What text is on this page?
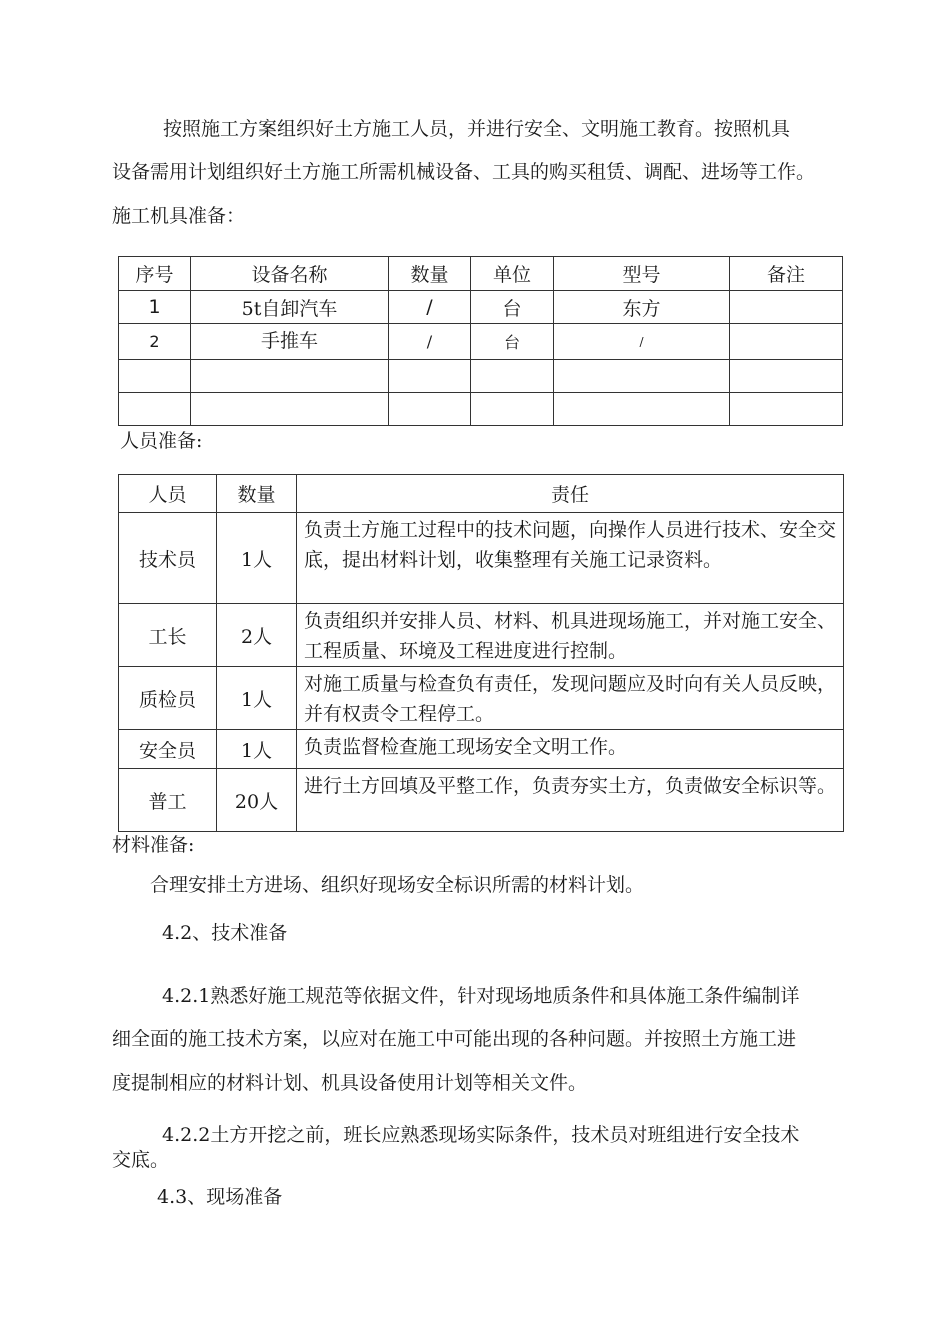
按照施工方案组织好土方施工人员，并进行安全、文明施工教育。按照机具
设备需用计划组织好土方施工所需机械设备、工具的购买租赁、调配、进场等工作。
施工机具准备：
序号	设备名称	数量	单位	型号	备注
1	5t自卸汽车	/	台	东方	
2	手推车	/	台	/	

人员准备:
人员	数量	责任
技术员	1人	负责土方施工过程中的技术问题，向操作人员进行技术、安全交底，提出材料计划，收集整理有关施工记录资料。
工长	2人	负责组织并安排人员、材料、机具进现场施工，并对施工安全、工程质量、环境及工程进度进行控制。
质检员	1人	对施工质量与检查负有责任，发现问题应及时向有关人员反映，并有权责令工程停工。
安全员	1人	负责监督检查施工现场安全文明工作。
普工	20人	进行土方回填及平整工作，负责夯实土方，负责做安全标识等。
材料准备:
合理安排土方进场、组织好现场安全标识所需的材料计划。
4.2、技术准备
4.2.1熟悉好施工规范等依据文件，针对现场地质条件和具体施工条件编制详
细全面的施工技术方案，以应对在施工中可能出现的各种问题。并按照土方施工进
度提制相应的材料计划、机具设备使用计划等相关文件。
4.2.2土方开挖之前，班长应熟悉现场实际条件，技术员对班组进行安全技术
交底。
4.3、现场准备
